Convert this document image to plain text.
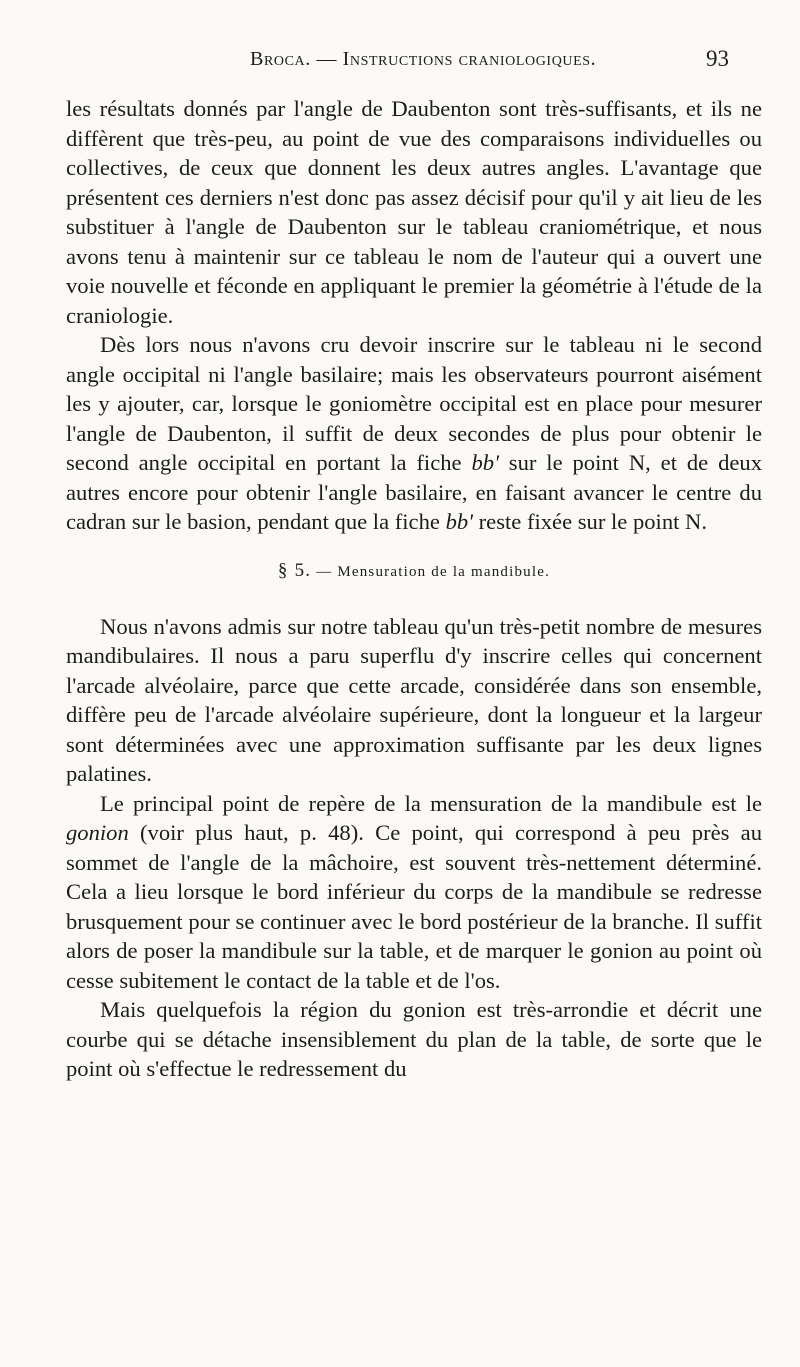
Broca. — Instructions craniologiques.	93

les résultats donnés par l'angle de Daubenton sont très-suffisants, et ils ne diffèrent que très-peu, au point de vue des comparaisons individuelles ou collectives, de ceux que donnent les deux autres angles. L'avantage que présentent ces derniers n'est donc pas assez décisif pour qu'il y ait lieu de les substituer à l'angle de Daubenton sur le tableau craniométrique, et nous avons tenu à maintenir sur ce tableau le nom de l'auteur qui a ouvert une voie nouvelle et féconde en appliquant le premier la géométrie à l'étude de la craniologie.

Dès lors nous n'avons cru devoir inscrire sur le tableau ni le second angle occipital ni l'angle basilaire; mais les observateurs pourront aisément les y ajouter, car, lorsque le goniomètre occipital est en place pour mesurer l'angle de Daubenton, il suffit de deux secondes de plus pour obtenir le second angle occipital en portant la fiche bb' sur le point N, et de deux autres encore pour obtenir l'angle basilaire, en faisant avancer le centre du cadran sur le basion, pendant que la fiche bb' reste fixée sur le point N.

§ 5. — Mensuration de la mandibule.

Nous n'avons admis sur notre tableau qu'un très-petit nombre de mesures mandibulaires. Il nous a paru superflu d'y inscrire celles qui concernent l'arcade alvéolaire, parce que cette arcade, considérée dans son ensemble, diffère peu de l'arcade alvéolaire supérieure, dont la longueur et la largeur sont déterminées avec une approximation suffisante par les deux lignes palatines.

Le principal point de repère de la mensuration de la mandibule est le gonion (voir plus haut, p. 48). Ce point, qui correspond à peu près au sommet de l'angle de la mâchoire, est souvent très-nettement déterminé. Cela a lieu lorsque le bord inférieur du corps de la mandibule se redresse brusquement pour se continuer avec le bord postérieur de la branche. Il suffit alors de poser la mandibule sur la table, et de marquer le gonion au point où cesse subitement le contact de la table et de l'os.

Mais quelquefois la région du gonion est très-arrondie et décrit une courbe qui se détache insensiblement du plan de la table, de sorte que le point où s'effectue le redressement du
